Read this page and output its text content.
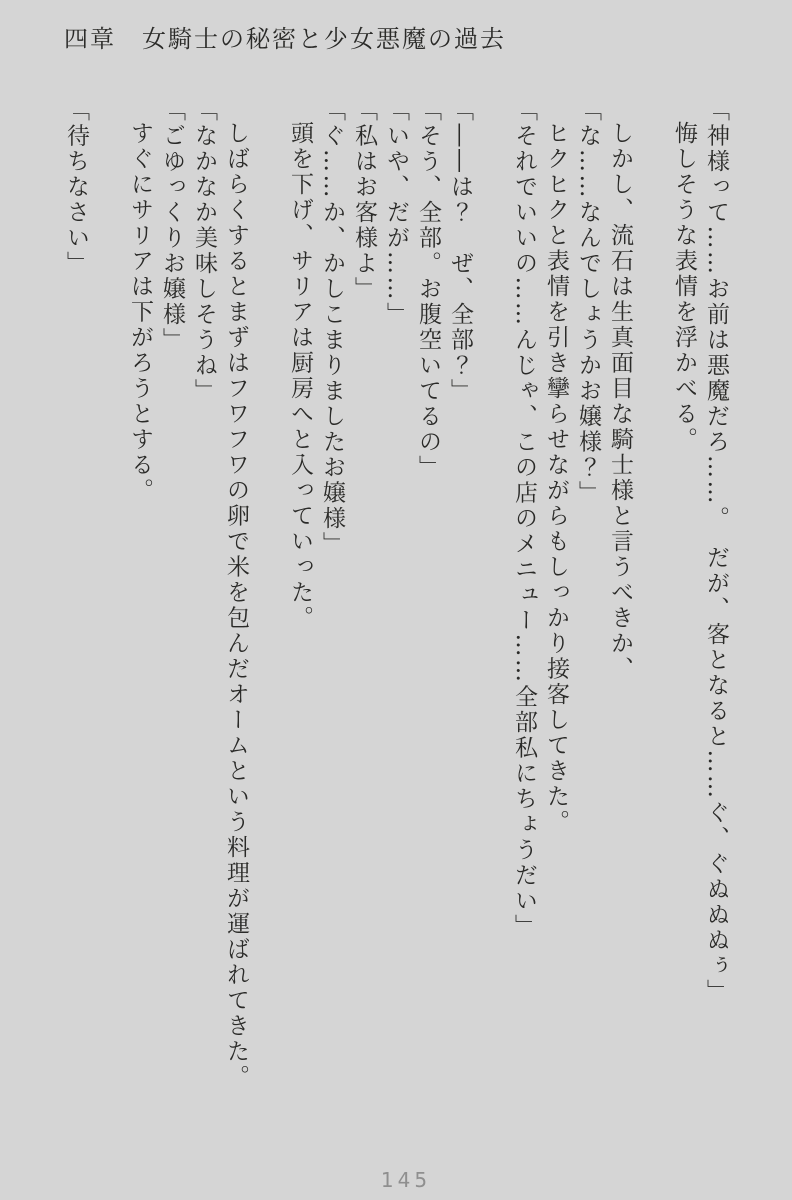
四章 女騎士の秘密と少女悪魔の過去

「神様って……お前は悪魔だろ……。　だが、客となると……ぐ、ぐぬぬぬぅ」

悔しそうな表情を浮かべる。

しかし、流石は生真面目な騎士様と言うべきか、

「な……なんでしょうかお嬢様？」

ヒクヒクと表情を引き攣らせながらもしっかり接客してきた。

「それでいいの……んじゃ、この店のメニュー……全部私にちょうだい」

「――は？　ぜ、全部？」

「そう、全部。お腹空いてるの」

「いや、だが……」

「私はお客様よ」

「ぐ……か、かしこまりましたお嬢様」

頭を下げ、サリアは厨房へと入っていった。

しばらくするとまずはフワフワの卵で米を包んだオームという料理が運ばれてきた。

「なかなか美味しそうね」

「ごゆっくりお嬢様」

すぐにサリアは下がろうとする。

「待ちなさい」

145
